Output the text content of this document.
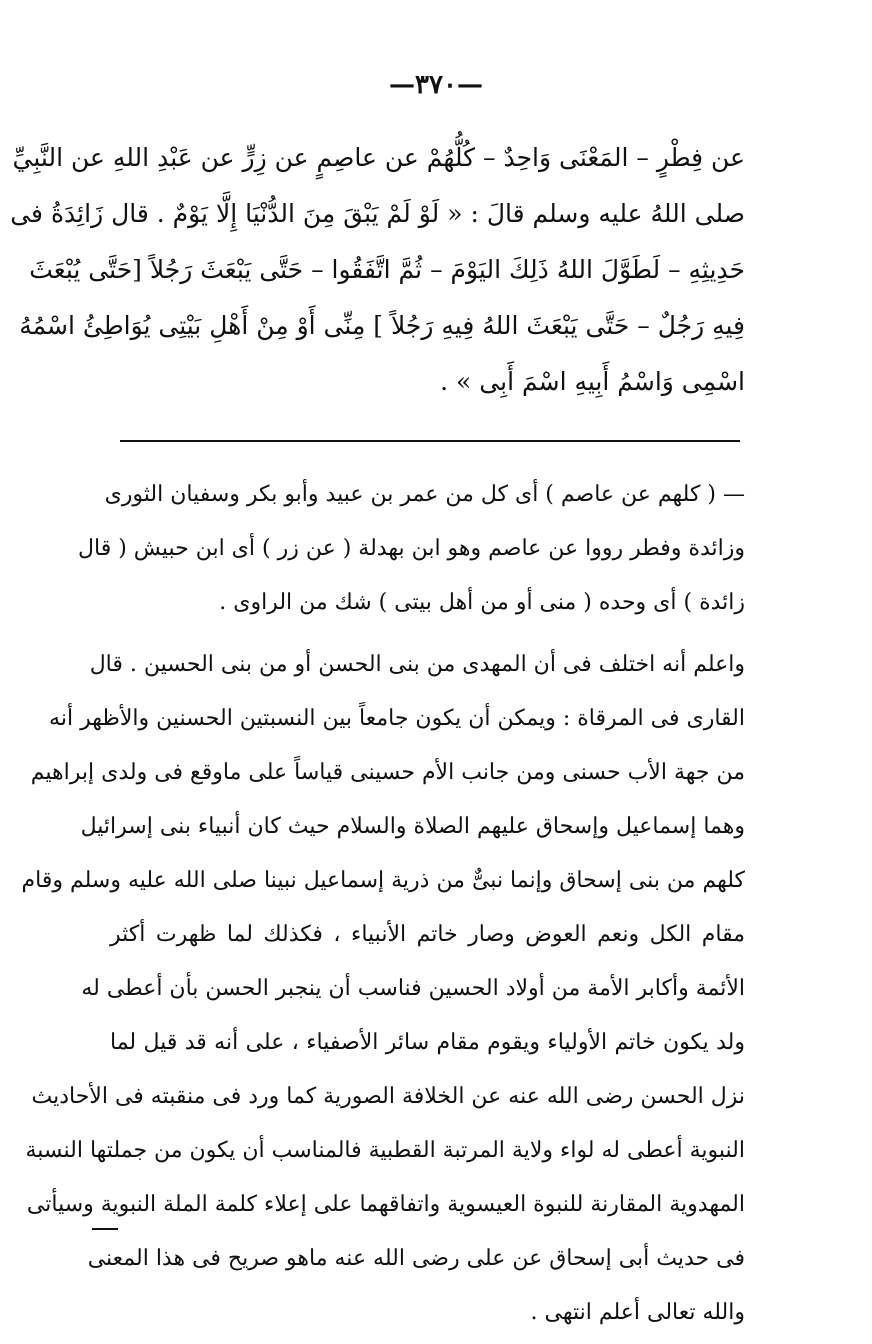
—٣٧٠—
عن فِطْرٍ – المَعْنَى وَاحِدٌ – كُلُّهُمْ عن عاصِمٍ عن زِرٍّ عن عَبْدِ اللهِ عن النَّبِيِّ
صلى اللهُ عليه وسلم قالَ : « لَوْ لَمْ يَبْقَ مِنَ الدُّنْيَا إِلَّا يَوْمٌ . قال زَائِدَةُ فى
حَدِيثِهِ – لَطَوَّلَ اللهُ ذَلِكَ اليَوْمَ – ثُمَّ اتَّفَقُوا – حَتَّى يَبْعَثَ رَجُلاً [حَتَّى يُبْعَثَ
فِيهِ رَجُلٌ – حَتَّى يَبْعَثَ اللهُ فِيهِ رَجُلاً ] مِنِّى أَوْ مِنْ أَهْلِ بَيْتِى يُوَاطِئُ اسْمُهُ
اسْمِى وَاسْمُ أَبِيهِ اسْمَ أَبِى » .

— ( كلهم عن عاصم ) أى كل من عمر بن عبيد وأبو بكر وسفيان الثورى
وزائدة وفطر رووا عن عاصم وهو ابن بهدلة ( عن زر ) أى ابن حبيش ( قال
زائدة ) أى وحده ( منى أو من أهل بيتى ) شك من الراوى .

واعلم أنه اختلف فى أن المهدى من بنى الحسن أو من بنى الحسين . قال
القارى فى المرقاة : ويمكن أن يكون جامعاً بين النسبتين الحسنين والأظهر أنه
من جهة الأب حسنى ومن جانب الأم حسينى قياساً على ماوقع فى ولدى إبراهيم
وهما إسماعيل وإسحاق عليهم الصلاة والسلام حيث كان أنبياء بنى إسرائيل
كلهم من بنى إسحاق وإنما نبىٌّ من ذرية إسماعيل نبينا صلى الله عليه وسلم وقام
مقام الكل ونعم العوض وصار خاتم الأنبياء ، فكذلك لما ظهرت أكثر
الأئمة وأكابر الأمة من أولاد الحسين فناسب أن ينجبر الحسن بأن أعطى له
ولد يكون خاتم الأولياء ويقوم مقام سائر الأصفياء ، على أنه قد قيل لما
نزل الحسن رضى الله عنه عن الخلافة الصورية كما ورد فى منقبته فى الأحاديث
النبوية أعطى له لواء ولاية المرتبة القطبية فالمناسب أن يكون من جملتها النسبة
المهدوية المقارنة للنبوة العيسوية واتفاقهما على إعلاء كلمة الملة النبوية وسيأتى
فى حديث أبى إسحاق عن على رضى الله عنه ماهو صريح فى هذا المعنى
والله تعالى أعلم انتهى .
